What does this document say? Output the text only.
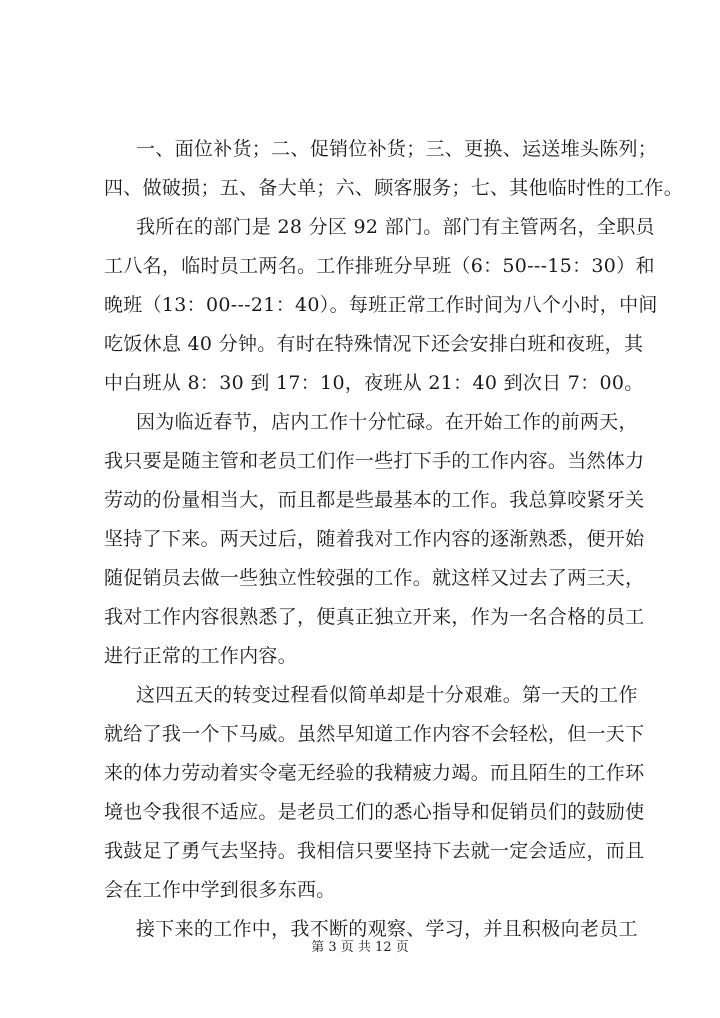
一、面位补货；二、促销位补货；三、更换、运送堆头陈列；
四、做破损；五、备大单；六、顾客服务；七、其他临时性的工作。
我所在的部门是 28 分区 92 部门。部门有主管两名，全职员
工八名，临时员工两名。工作排班分早班（6：50---15：30）和
晚班（13：00---21：40）。每班正常工作时间为八个小时，中间
吃饭休息 40 分钟。有时在特殊情况下还会安排白班和夜班，其
中白班从 8：30 到 17：10，夜班从 21：40 到次日 7：00。
因为临近春节，店内工作十分忙碌。在开始工作的前两天，
我只要是随主管和老员工们作一些打下手的工作内容。当然体力
劳动的份量相当大，而且都是些最基本的工作。我总算咬紧牙关
坚持了下来。两天过后，随着我对工作内容的逐渐熟悉，便开始
随促销员去做一些独立性较强的工作。就这样又过去了两三天，
我对工作内容很熟悉了，便真正独立开来，作为一名合格的员工
进行正常的工作内容。
这四五天的转变过程看似简单却是十分艰难。第一天的工作
就给了我一个下马威。虽然早知道工作内容不会轻松，但一天下
来的体力劳动着实令毫无经验的我精疲力竭。而且陌生的工作环
境也令我很不适应。是老员工们的悉心指导和促销员们的鼓励使
我鼓足了勇气去坚持。我相信只要坚持下去就一定会适应，而且
会在工作中学到很多东西。
接下来的工作中，我不断的观察、学习，并且积极向老员工
第 3 页 共 12 页
